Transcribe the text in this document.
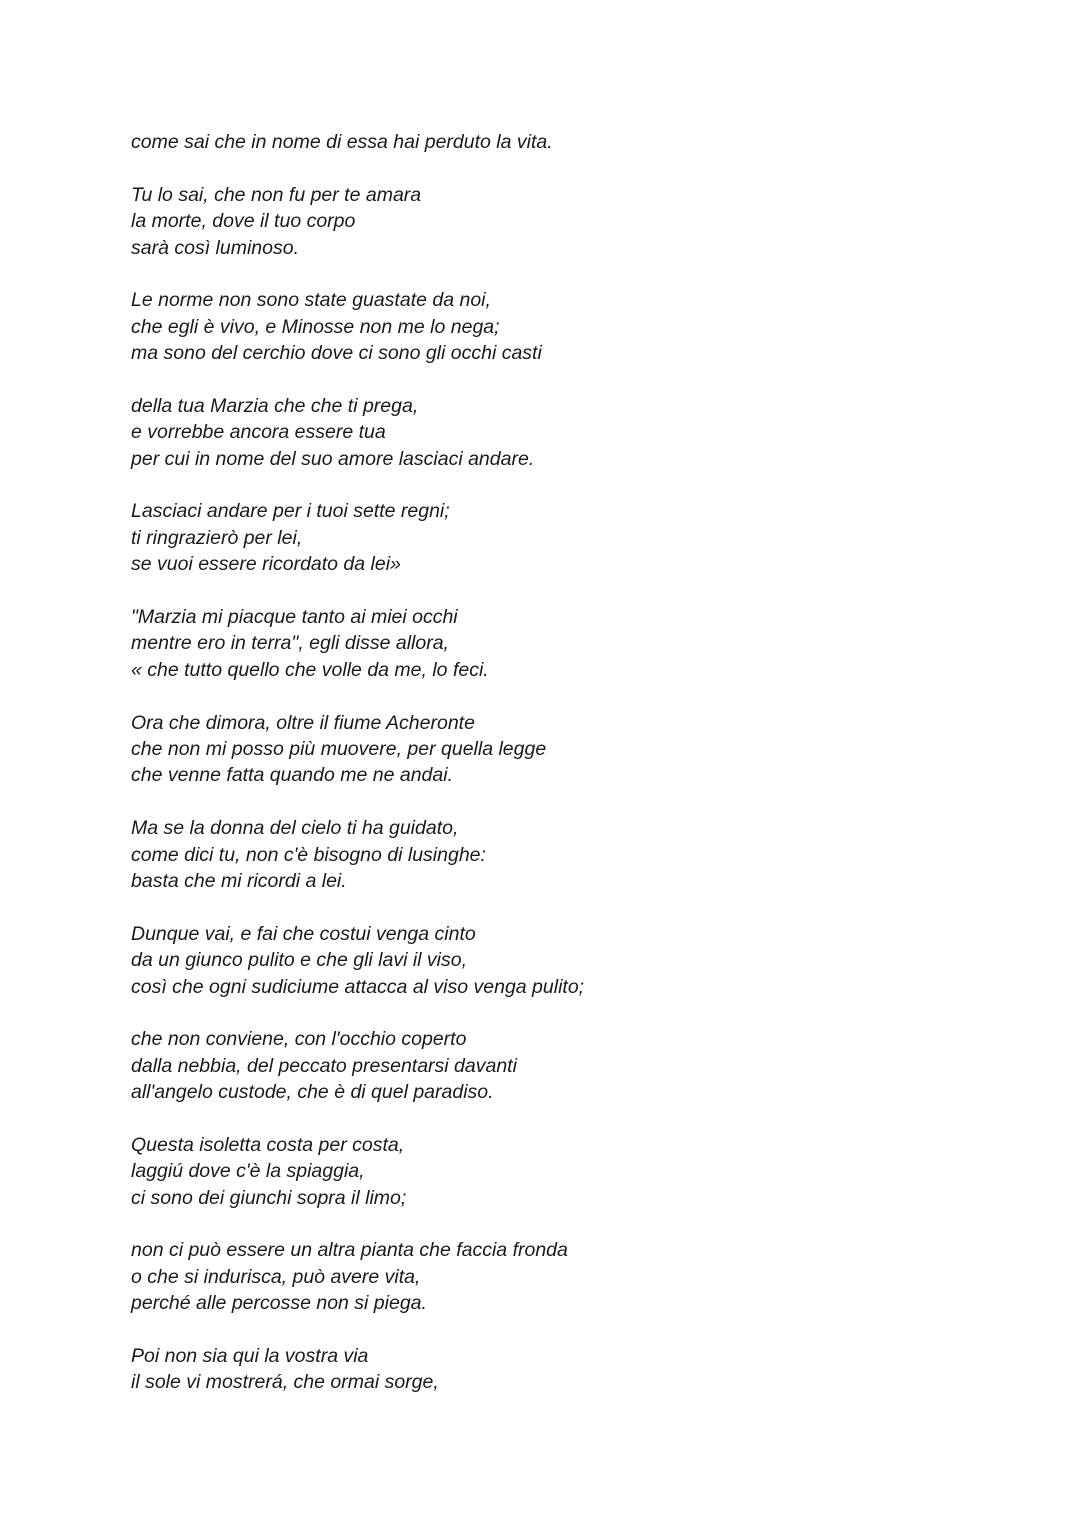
come sai che in nome di essa hai perduto la vita.
Tu lo sai, che non fu per te amara
la morte, dove il tuo corpo
sarà così luminoso.
Le norme non sono state guastate da noi,
che egli è vivo, e Minosse non me lo nega;
ma sono del cerchio dove ci sono gli occhi casti
della tua Marzia che che ti prega,
e vorrebbe ancora essere tua
per cui in nome del suo amore lasciaci andare.
Lasciaci andare per i tuoi sette regni;
ti ringrazierò per lei,
se vuoi essere ricordato da lei»
"Marzia mi piacque tanto ai miei occhi
mentre ero in terra", egli disse allora,
« che tutto quello che volle da me, lo feci.
Ora che dimora, oltre il fiume Acheronte
che non mi posso più muovere, per quella legge
che venne fatta quando me ne andai.
Ma se la donna del cielo ti ha guidato,
come dici tu, non c'è bisogno di lusinghe:
basta che mi ricordi a lei.
Dunque vai, e fai che costui venga cinto
da un giunco pulito e che gli lavi il viso,
così che ogni sudiciume attacca al viso venga pulito;
che non conviene, con l'occhio coperto
dalla nebbia, del peccato presentarsi davanti
all'angelo custode, che è di quel paradiso.
Questa isoletta costa per costa,
laggiú dove c'è la spiaggia,
ci sono dei giunchi sopra il limo;
non ci può essere un altra pianta che faccia fronda
o che si indurisca, può avere vita,
perché alle percosse non si piega.
Poi non sia qui la vostra via
il sole vi mostrerá, che ormai sorge,
